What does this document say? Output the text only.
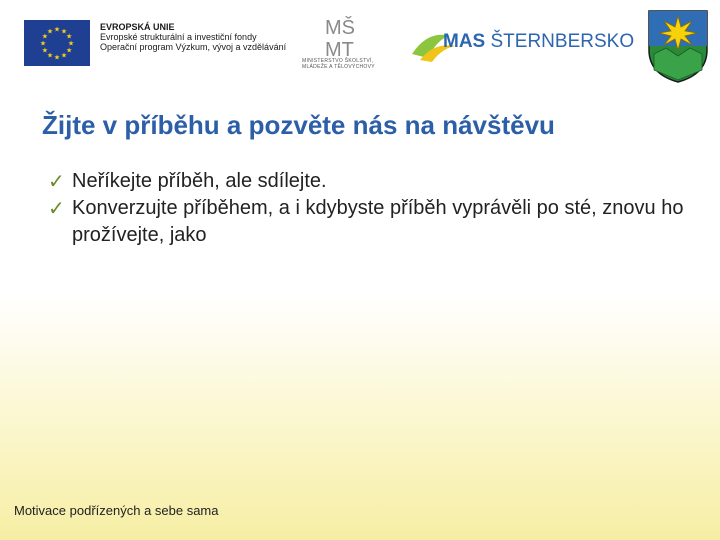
★ ★
★
★
★
★
★
★
★
★
★
★	EVROPSKÁ UNIE
Evropské strukturální a investiční fondy
Operační program Výzkum, vývoj a vzdělávání
MŠ
MT
MINISTERSTVO ŠKOLSTVÍ,
MLÁDEŽE A TĚLOVÝCHOVY
MAS ŠTERNBERSKO
Žijte v příběhu a pozvěte nás na návštěvu
✓ Neříkejte příběh, ale sdílejte.
✓ Konverzujte příběhem, a i kdybyste příběh vyprávěli po sté, znovu ho prožívejte, jako
Motivace podřízených a sebe sama
